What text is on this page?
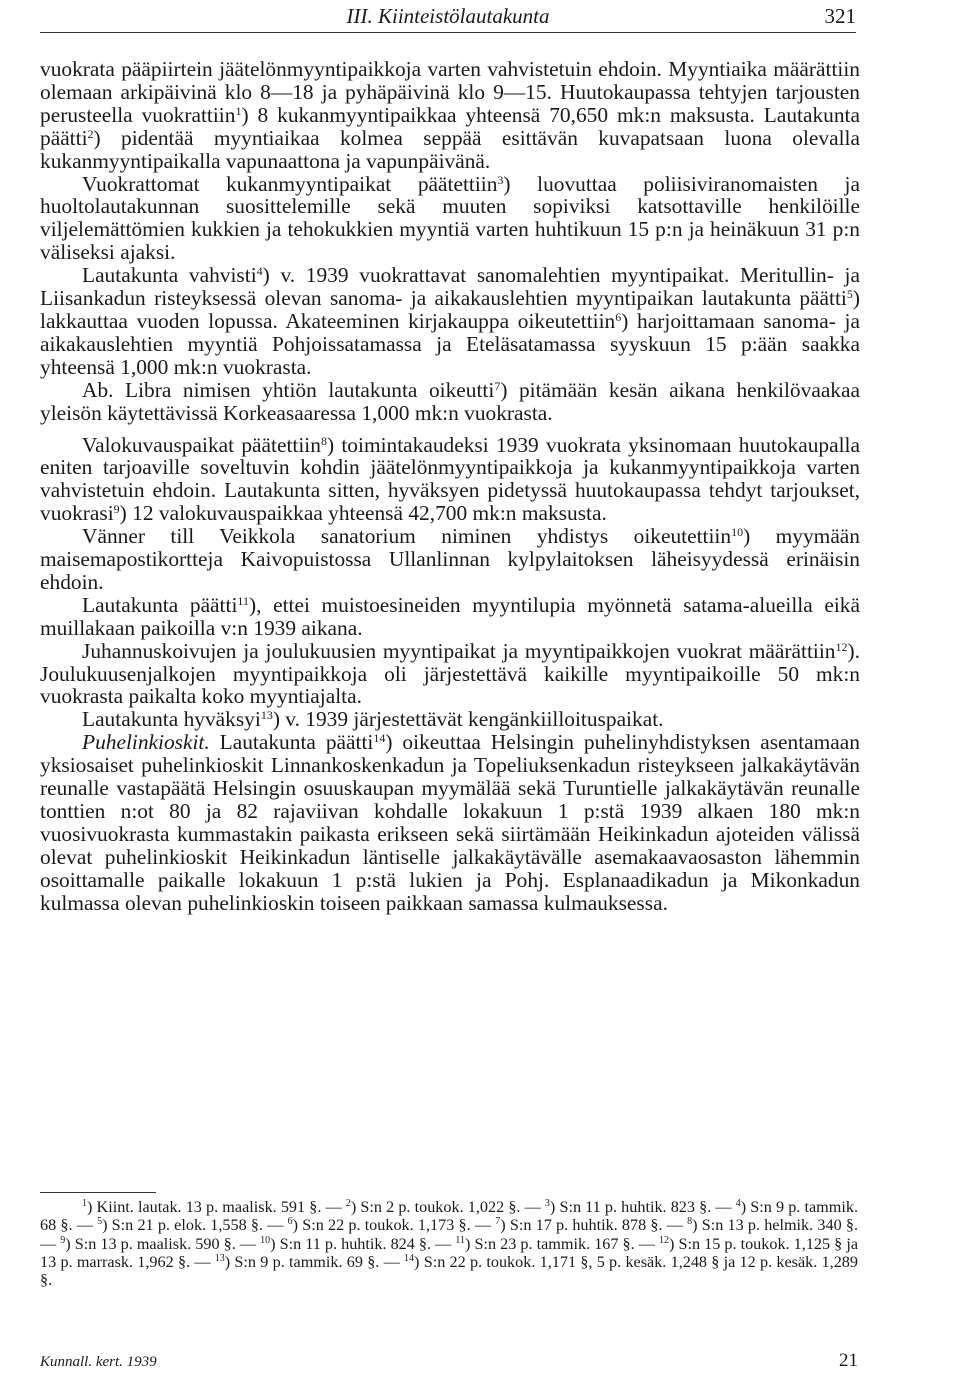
III. Kiinteistölautakunta	321

vuokrata pääpiirtein jäätelönmyyntipaikkoja varten vahvistetuin ehdoin. Myyntiaika määrättiin olemaan arkipäivinä klo 8—18 ja pyhäpäivinä klo 9—15. Huutokaupassa tehtyjen tarjousten perusteella vuokrattiin$^1$) 8 kukanmyyntipaikkaa yhteensä 70,650 mk:n maksusta. Lautakunta päätti$^2$) pidentää myyntiaikaa kolmea seppää esittävän kuvapatsaan luona olevalla kukanmyyntipaikalla vapunaattona ja vapunpäivänä.

Vuokrattomat kukanmyyntipaikat päätettiin$^3$) luovuttaa poliisiviranomaisten ja huoltolautakunnan suosittelemille sekä muuten sopiviksi katsottaville henkilöille viljelemättömien kukkien ja tehokukkien myyntiä varten huhtikuun 15 p:n ja heinäkuun 31 p:n väliseksi ajaksi.

Lautakunta vahvisti$^4$) v. 1939 vuokrattavat sanomalehtien myyntipaikat. Meritullin- ja Liisankadun risteyksessä olevan sanoma- ja aikakauslehtien myyntipaikan lautakunta päätti$^5$) lakkauttaa vuoden lopussa. Akateeminen kirjakauppa oikeutettiin$^6$) harjoittamaan sanoma- ja aikakauslehtien myyntiä Pohjoissatamassa ja Eteläsatamassa syyskuun 15 p:ään saakka yhteensä 1,000 mk:n vuokrasta.

Ab. Libra nimisen yhtiön lautakunta oikeutti$^7$) pitämään kesän aikana henkilövaakaa yleisön käytettävissä Korkeasaaressa 1,000 mk:n vuokrasta.

Valokuvauspaikat päätettiin$^8$) toimintakaudeksi 1939 vuokrata yksinomaan huutokaupalla eniten tarjoaville soveltuvin kohdin jäätelönmyyntipaikkoja ja kukanmyyntipaikkoja varten vahvistetuin ehdoin. Lautakunta sitten, hyväksyen pidetyssä huutokaupassa tehdyt tarjoukset, vuokrasi$^9$) 12 valokuvauspaikkaa yhteensä 42,700 mk:n maksusta.

Vänner till Veikkola sanatorium niminen yhdistys oikeutettiin$^{10}$) myymään maisemapostikortteja Kaivopuistossa Ullanlinnan kylpylaitoksen läheisyydessä erinäisin ehdoin.

Lautakunta päätti$^{11}$), ettei muistoesineiden myyntilupia myönnetä satama-alueilla eikä muillakaan paikoilla v:n 1939 aikana.

Juhannuskoivujen ja joulukuusien myyntipaikat ja myyntipaikkojen vuokrat määrättiin$^{12}$). Joulukuusenjalkojen myyntipaikkoja oli järjestettävä kaikille myyntipaikoille 50 mk:n vuokrasta paikalta koko myyntiajalta.

Lautakunta hyväksyi$^{13}$) v. 1939 järjestettävät kengänkiilloituspaikat.

Puhelinkioskit. Lautakunta päätti$^{14}$) oikeuttaa Helsingin puhelinyhdistyksen asentamaan yksiosaiset puhelinkioskit Linnankoskenkadun ja Topeliuksenkadun risteykseen jalkakäytävän reunalle vastapäätä Helsingin osuuskaupan myymälää sekä Turuntielle jalkakäytävän reunalle tonttien n:ot 80 ja 82 rajaviivan kohdalle lokakuun 1 p:stä 1939 alkaen 180 mk:n vuosivuokrasta kummastakin paikasta erikseen sekä siirtämään Heikinkadun ajoteiden välissä olevat puhelinkioskit Heikinkadun läntiselle jalkakäytävälle asemakaavaosaston lähemmin osoittamalle paikalle lokakuun 1 p:stä lukien ja Pohj. Esplanaadikadun ja Mikonkadun kulmassa olevan puhelinkioskin toiseen paikkaan samassa kulmauksessa.

$^1$) Kiint. lautak. 13 p. maalisk. 591 §. — $^2$) S:n 2 p. toukok. 1,022 §. — $^3$) S:n 11 p. huhtik. 823 §. — $^4$) S:n 9 p. tammik. 68 §. — $^5$) S:n 21 p. elok. 1,558 §. — $^6$) S:n 22 p. toukok. 1,173 §. — $^7$) S:n 17 p. huhtik. 878 §. — $^8$) S:n 13 p. helmik. 340 §. — $^9$) S:n 13 p. maalisk. 590 §. — $^{10}$) S:n 11 p. huhtik. 824 §. — $^{11}$) S:n 23 p. tammik. 167 §. — $^{12}$) S:n 15 p. toukok. 1,125 § ja 13 p. marrask. 1,962 §. — $^{13}$) S:n 9 p. tammik. 69 §. — $^{14}$) S:n 22 p. toukok. 1,171 §, 5 p. kesäk. 1,248 § ja 12 p. kesäk. 1,289 §.

Kunnall. kert. 1939	21
